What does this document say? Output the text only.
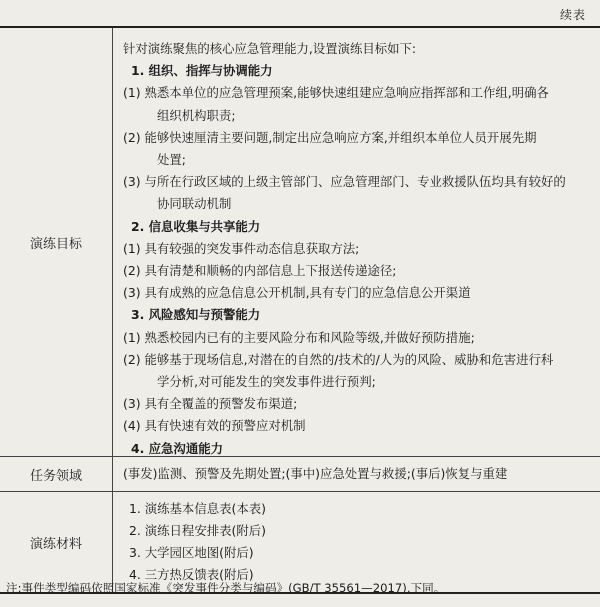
续表
演练目标
针对演练聚焦的核心应急管理能力,设置演练目标如下:
1. 组织、指挥与协调能力
(1) 熟悉本单位的应急管理预案,能够快速组建应急响应指挥部和工作组,明确各
组织机构职责;
(2) 能够快速厘清主要问题,制定出应急响应方案,并组织本单位人员开展先期
处置;
(3) 与所在行政区域的上级主管部门、应急管理部门、专业救援队伍均具有较好的
协同联动机制
2. 信息收集与共享能力
(1) 具有较强的突发事件动态信息获取方法;
(2) 具有清楚和顺畅的内部信息上下报送传递途径;
(3) 具有成熟的应急信息公开机制,具有专门的应急信息公开渠道
3. 风险感知与预警能力
(1) 熟悉校园内已有的主要风险分布和风险等级,并做好预防措施;
(2) 能够基于现场信息,对潜在的自然的/技术的/人为的风险、威胁和危害进行科
学分析,对可能发生的突发事件进行预判;
(3) 具有全覆盖的预警发布渠道;
(4) 具有快速有效的预警应对机制
4. 应急沟通能力
任务领域	(事发)监测、预警及先期处置;(事中)应急处置与救援;(事后)恢复与重建
演练材料
1. 演练基本信息表(本表)
2. 演练日程安排表(附后)
3. 大学园区地图(附后)
4. 三方热反馈表(附后)
注:事件类型编码依照国家标准《突发事件分类与编码》(GB/T 35561—2017),下同。
